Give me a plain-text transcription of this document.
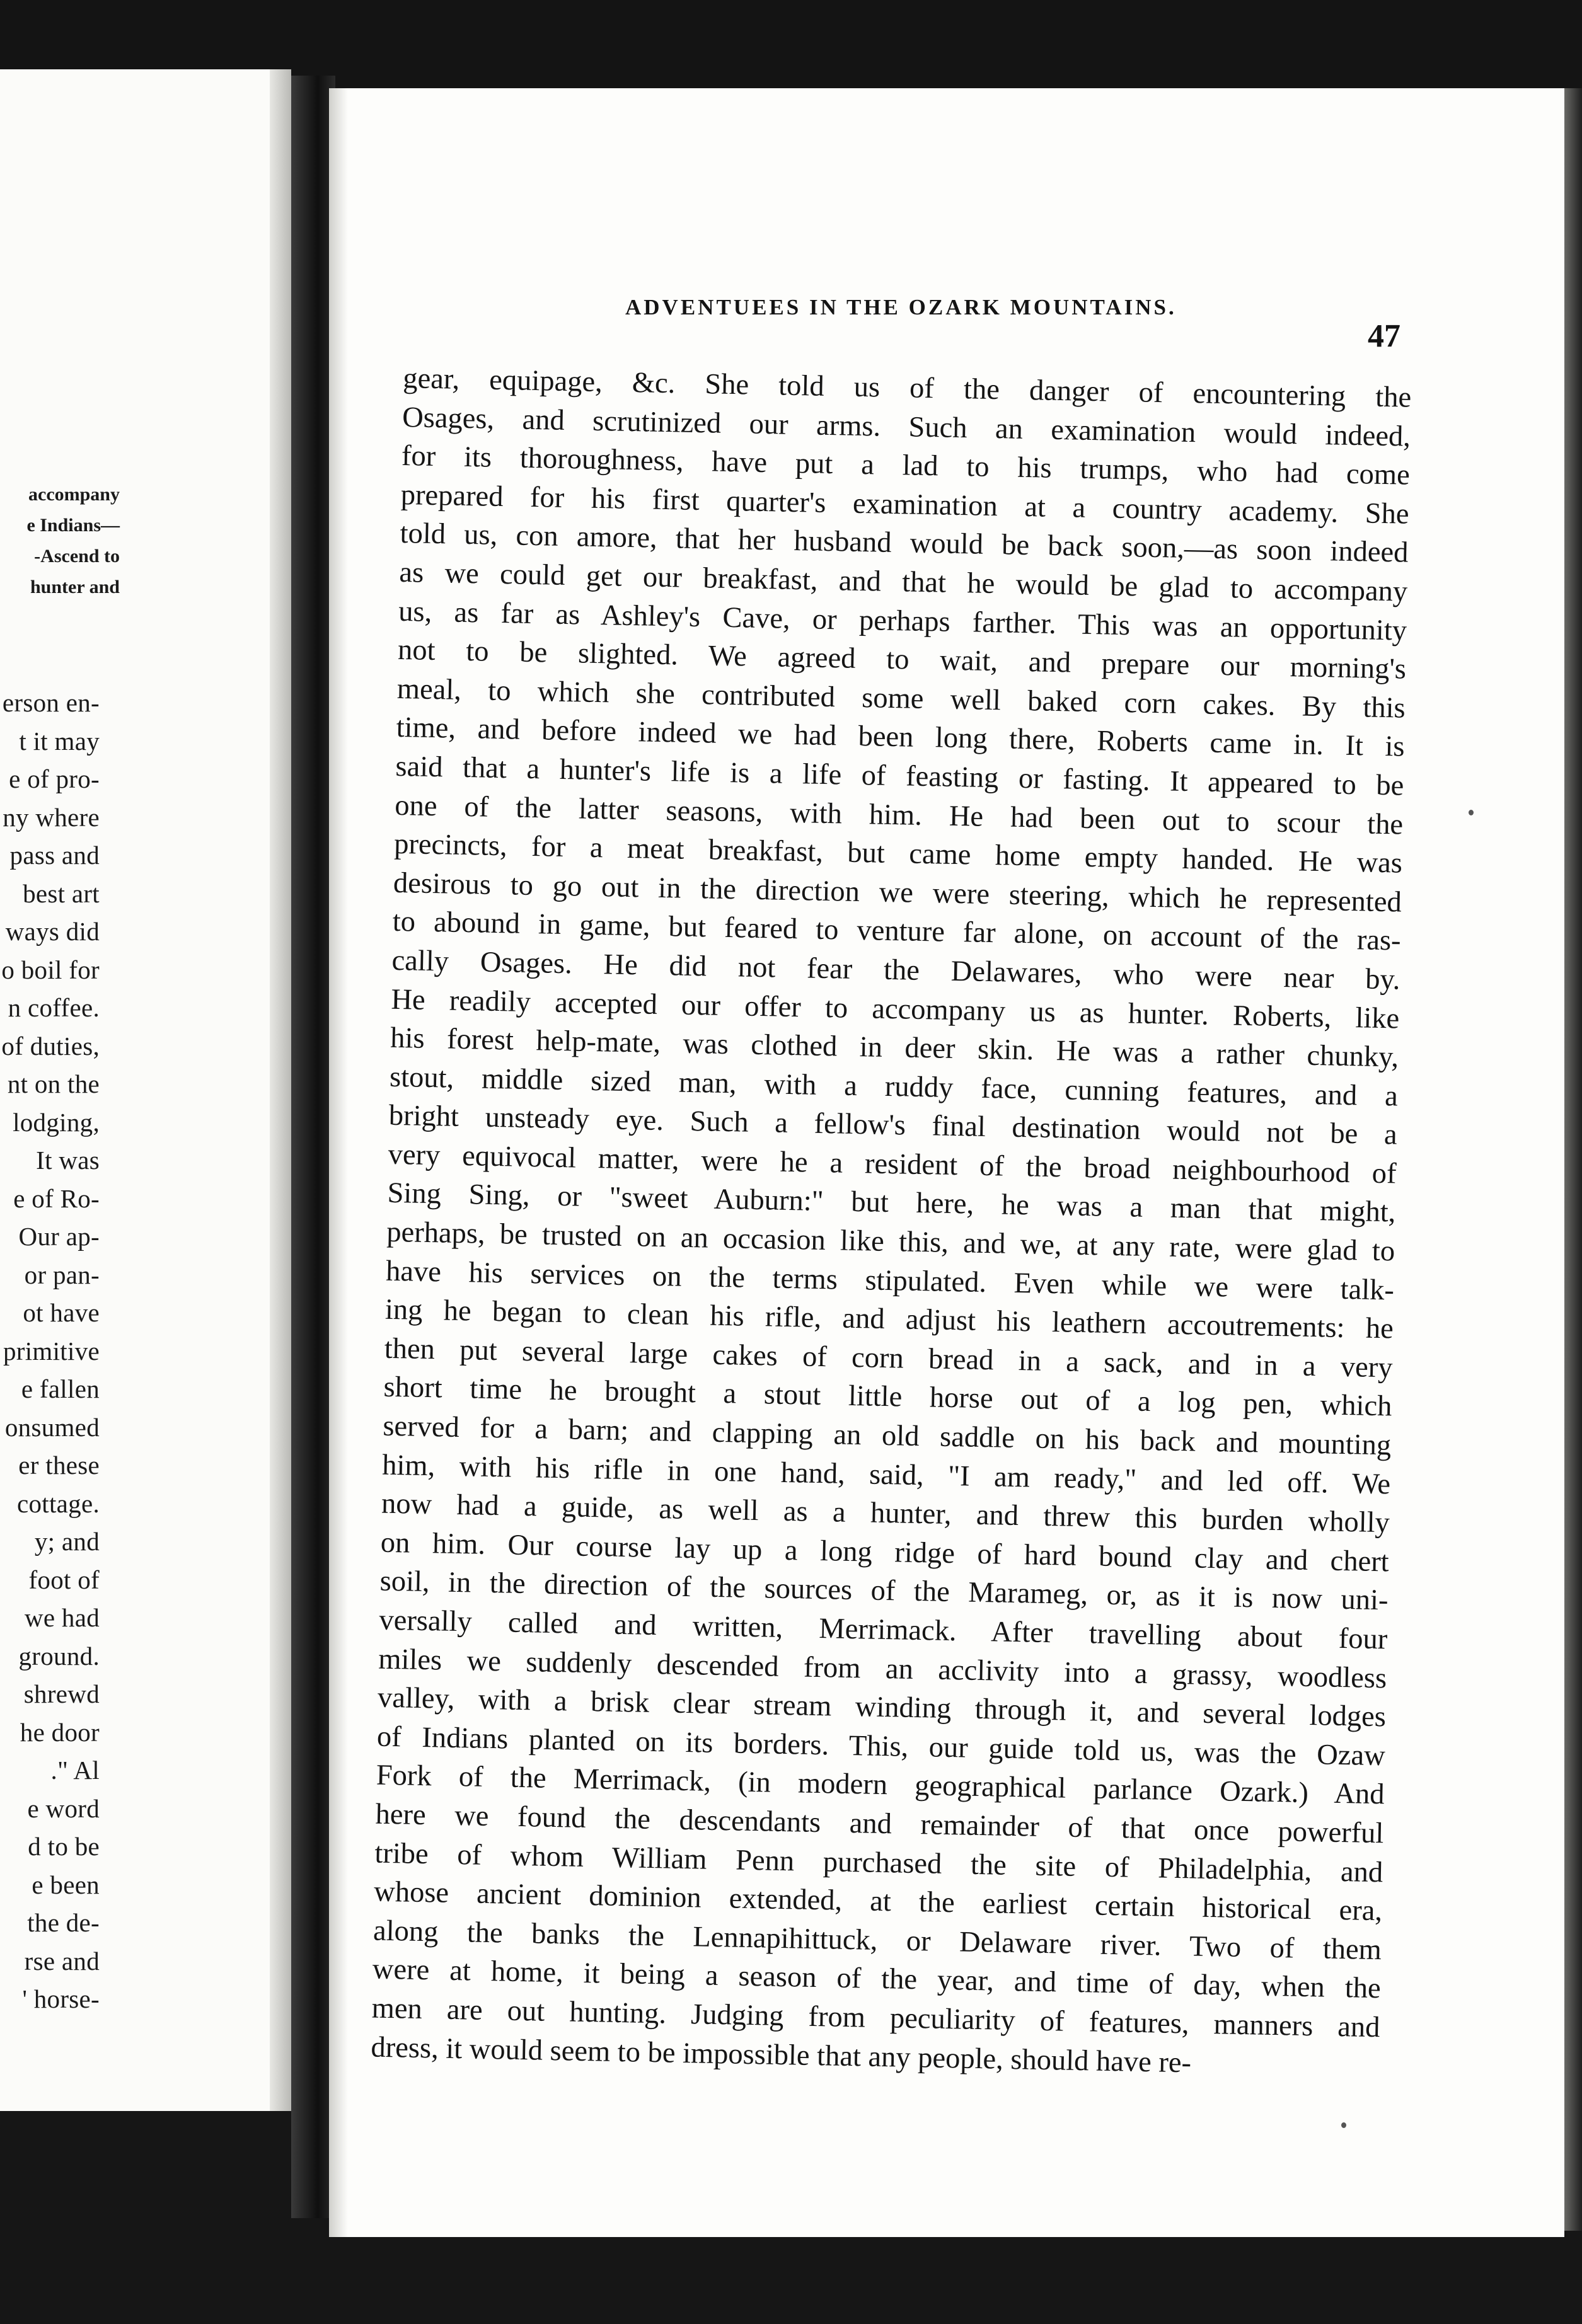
accompany
e Indians—
-Ascend to
hunter and
erson en-
t it may
e of pro-
ny where
pass and
best art
ways did
o boil for
n coffee.
of duties,
nt on the
lodging,
It was
e of Ro-
Our ap-
or pan-
ot have
primitive
e fallen
onsumed
er these
cottage.
y; and
foot of
we had
ground.
shrewd
he door
." Al
e word
d to be
e been
the de-
rse and
' horse-
ADVENTUEES IN THE OZARK MOUNTAINS.
47
gear, equipage, &c. She told us of the danger of encountering the
Osages, and scrutinized our arms. Such an examination would indeed,
for its thoroughness, have put a lad to his trumps, who had come
prepared for his first quarter's examination at a country academy. She
told us, con amore, that her husband would be back soon,—as soon indeed
as we could get our breakfast, and that he would be glad to accompany
us, as far as Ashley's Cave, or perhaps farther. This was an opportunity
not to be slighted. We agreed to wait, and prepare our morning's
meal, to which she contributed some well baked corn cakes. By this
time, and before indeed we had been long there, Roberts came in. It is
said that a hunter's life is a life of feasting or fasting. It appeared to be
one of the latter seasons, with him. He had been out to scour the
precincts, for a meat breakfast, but came home empty handed. He was
desirous to go out in the direction we were steering, which he represented
to abound in game, but feared to venture far alone, on account of the ras-
cally Osages. He did not fear the Delawares, who were near by.
He readily accepted our offer to accompany us as hunter. Roberts, like
his forest help-mate, was clothed in deer skin. He was a rather chunky,
stout, middle sized man, with a ruddy face, cunning features, and a
bright unsteady eye. Such a fellow's final destination would not be a
very equivocal matter, were he a resident of the broad neighbourhood of
Sing Sing, or "sweet Auburn:" but here, he was a man that might,
perhaps, be trusted on an occasion like this, and we, at any rate, were glad to
have his services on the terms stipulated. Even while we were talk-
ing he began to clean his rifle, and adjust his leathern accoutrements: he
then put several large cakes of corn bread in a sack, and in a very
short time he brought a stout little horse out of a log pen, which
served for a barn; and clapping an old saddle on his back and mounting
him, with his rifle in one hand, said, "I am ready," and led off. We
now had a guide, as well as a hunter, and threw this burden wholly
on him. Our course lay up a long ridge of hard bound clay and chert
soil, in the direction of the sources of the Marameg, or, as it is now uni-
versally called and written, Merrimack. After travelling about four
miles we suddenly descended from an acclivity into a grassy, woodless
valley, with a brisk clear stream winding through it, and several lodges
of Indians planted on its borders. This, our guide told us, was the Ozaw
Fork of the Merrimack, (in modern geographical parlance Ozark.) And
here we found the descendants and remainder of that once powerful
tribe of whom William Penn purchased the site of Philadelphia, and
whose ancient dominion extended, at the earliest certain historical era,
along the banks the Lennapihittuck, or Delaware river. Two of them
were at home, it being a season of the year, and time of day, when the
men are out hunting. Judging from peculiarity of features, manners and
dress, it would seem to be impossible that any people, should have re-
